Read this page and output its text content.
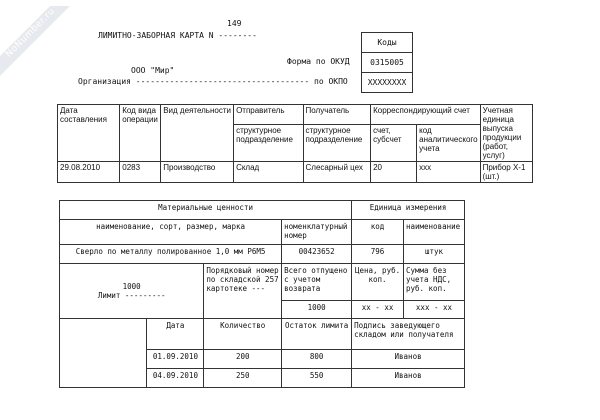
NoNumber.ru	149
ЛИМИТНО-ЗАБОРНАЯ КАРТА N --------
Коды
0315005
XXXXXXXX
Форма по ОКУД
ООО "Мир"
Организация ------------------------------------ по ОКПО
Дата составления	Код вида операции	Вид деятельности	Отправитель	Получатель	Корреспондирующий счет		Учетная единица выпуска продукции (работ, услуг)
			структурное подразделение	структурное подразделение	счет, субсчет	код аналитического учета	
29.08.2010	0283	Производство	Склад	Слесарный цех	20	xxx	Прибор X-1 (шт.)
Материальные ценности				Единица измерения	
наименование, сорт, размер, марка			номенклатурный номер	код	наименование
Сверло по металлу полированное 1,0 мм Р6М5			00423652	796	штук

1000
Лимит ---------		Порядковый номер по складской 257 картотеке ---	Всего отпущено с учетом возврата	Цена, руб. коп.	Сумма без учета НДС, руб. коп.
			1000	хх - хх	ххх - хх
	Дата	Количество	Остаток лимита	Подпись заведующего складом или получателя	
	01.09.2010	200	800	Иванов	
	04.09.2010	250	550	Иванов	
